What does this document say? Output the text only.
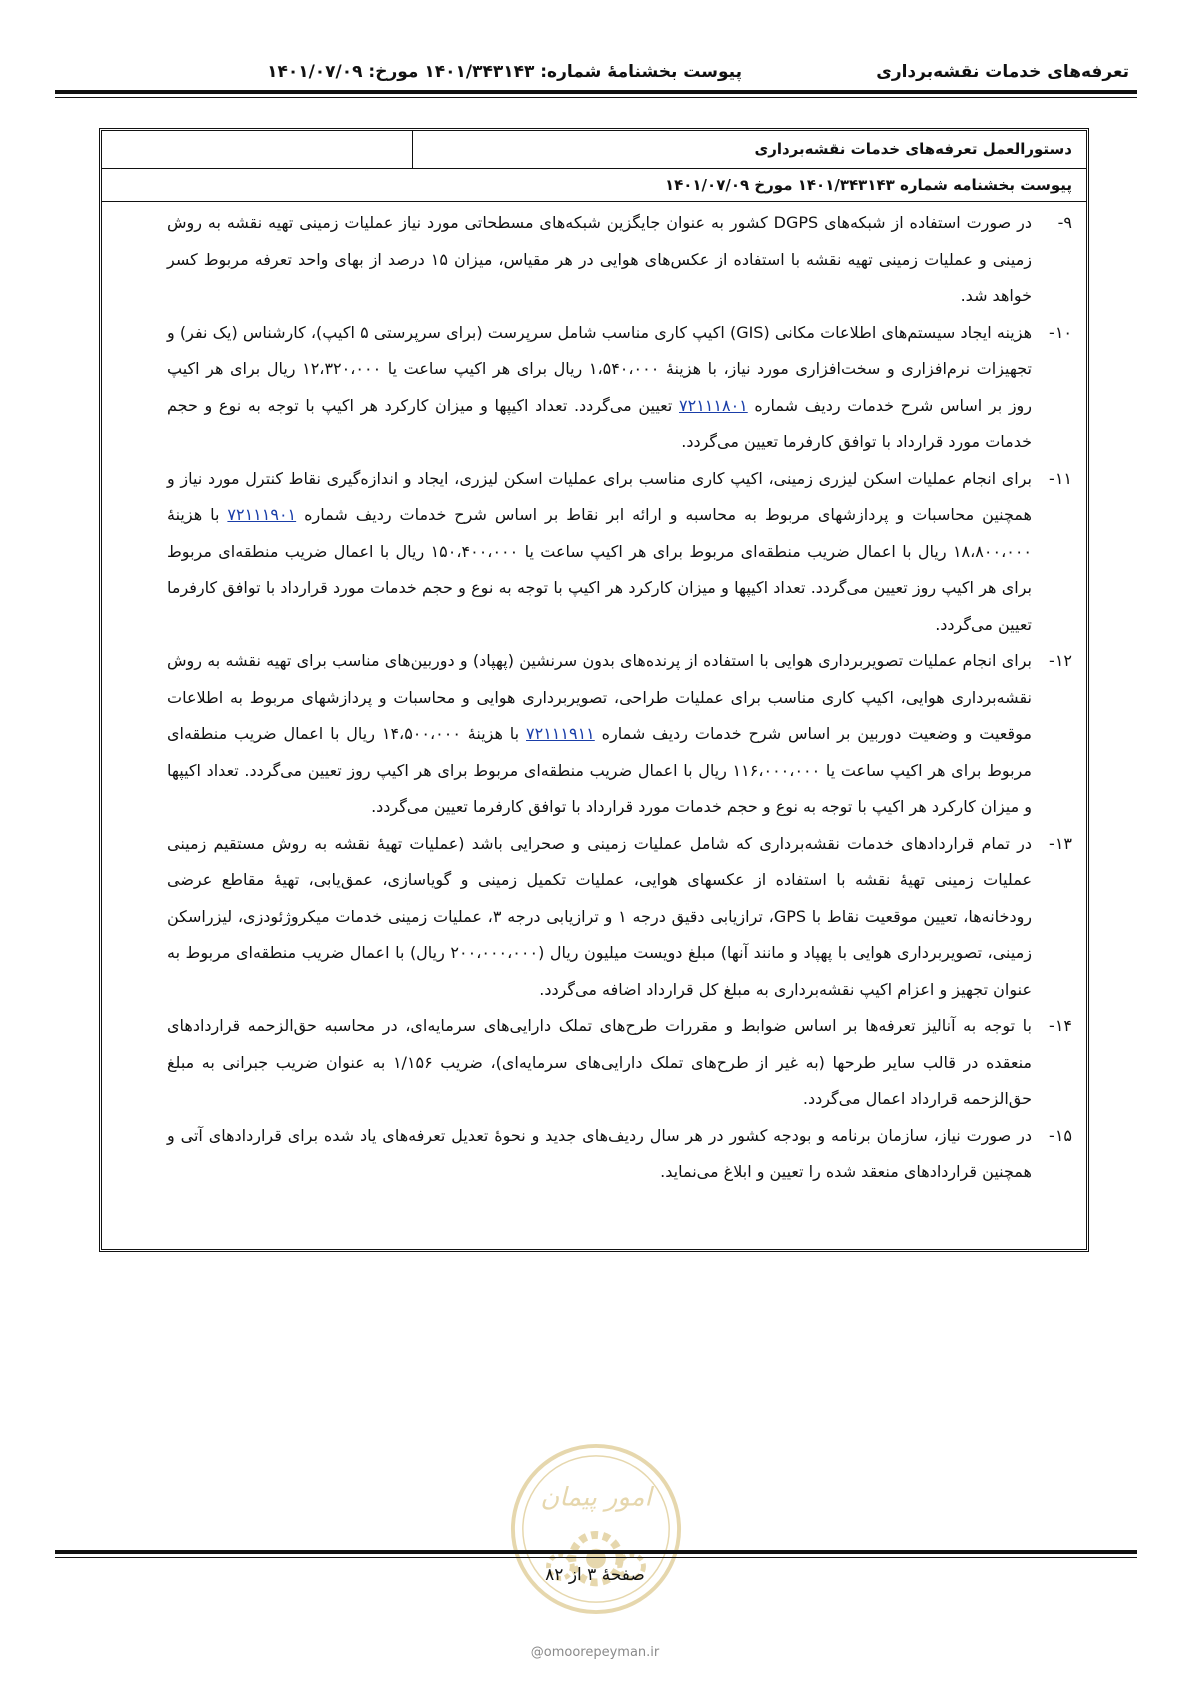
تعرفه‌های خدمات نقشه‌برداری
پیوست بخشنامۀ شماره: ۱۴۰۱/۳۴۳۱۴۳ مورخ: ۱۴۰۱/۰۷/۰۹
دستورالعمل تعرفه‌های خدمات نقشه‌برداری
پیوست بخشنامه شماره ۱۴۰۱/۳۴۳۱۴۳ مورخ ۱۴۰۱/۰۷/۰۹
۹-
در صورت استفاده از شبکه‌های DGPS کشور به عنوان جایگزین شبکه‌های مسطحاتی مورد نیاز عملیات زمینی تهیه نقشه به روش زمینی و عملیات زمینی تهیه نقشه با استفاده از عکس‌های هوایی در هر مقیاس، میزان ۱۵ درصد از بهای واحد تعرفه مربوط کسر خواهد شد.
۱۰-
هزینه ایجاد سیستم‌های اطلاعات مکانی (GIS) اکیپ کاری مناسب شامل سرپرست (برای سرپرستی ۵ اکیپ)، کارشناس (یک نفر) و تجهیزات نرم‌افزاری و سخت‌افزاری مورد نیاز، با هزینۀ ۱،۵۴۰،۰۰۰ ریال برای هر اکیپ ساعت یا ۱۲،۳۲۰،۰۰۰ ریال برای هر اکیپ روز بر اساس شرح خدمات ردیف شماره ۷۲۱۱۱۸۰۱ تعیین می‌گردد. تعداد اکیپها و میزان کارکرد هر اکیپ با توجه به نوع و حجم خدمات مورد قرارداد با توافق کارفرما تعیین می‌گردد.
۱۱-
برای انجام عملیات اسکن لیزری زمینی، اکیپ کاری مناسب برای عملیات اسکن لیزری، ایجاد و اندازه‌گیری نقاط کنترل مورد نیاز و همچنین محاسبات و پردازشهای مربوط به محاسبه و ارائه ابر نقاط بر اساس شرح خدمات ردیف شماره ۷۲۱۱۱۹۰۱ با هزینۀ ۱۸،۸۰۰،۰۰۰ ریال با اعمال ضریب منطقه‌ای مربوط برای هر اکیپ ساعت یا ۱۵۰،۴۰۰،۰۰۰ ریال با اعمال ضریب منطقه‌ای مربوط برای هر اکیپ روز تعیین می‌گردد. تعداد اکیپها و میزان کارکرد هر اکیپ با توجه به نوع و حجم خدمات مورد قرارداد با توافق کارفرما تعیین می‌گردد.
۱۲-
برای انجام عملیات تصویربرداری هوایی با استفاده از پرنده‌های بدون سرنشین (پهپاد) و دوربین‌های مناسب برای تهیه نقشه به روش نقشه‌برداری هوایی، اکیپ کاری مناسب برای عملیات طراحی، تصویربرداری هوایی و محاسبات و پردازشهای مربوط به اطلاعات موقعیت و وضعیت دوربین بر اساس شرح خدمات ردیف شماره ۷۲۱۱۱۹۱۱ با هزینۀ ۱۴،۵۰۰،۰۰۰ ریال با اعمال ضریب منطقه‌ای مربوط برای هر اکیپ ساعت یا ۱۱۶،۰۰۰،۰۰۰ ریال با اعمال ضریب منطقه‌ای مربوط برای هر اکیپ روز تعیین می‌گردد. تعداد اکیپها و میزان کارکرد هر اکیپ با توجه به نوع و حجم خدمات مورد قرارداد با توافق کارفرما تعیین می‌گردد.
۱۳-
در تمام قراردادهای خدمات نقشه‌برداری که شامل عملیات زمینی و صحرایی باشد (عملیات تهیۀ نقشه به روش مستقیم زمینی عملیات زمینی تهیۀ نقشه با استفاده از عکسهای هوایی، عملیات تکمیل زمینی و گویاسازی، عمق‌یابی، تهیۀ مقاطع عرضی رودخانه‌ها، تعیین موقعیت نقاط با GPS، ترازیابی دقیق درجه ۱ و ترازیابی درجه ۳، عملیات زمینی خدمات میکروژئودزی، لیزراسکن زمینی، تصویربرداری هوایی با پهپاد و مانند آنها) مبلغ دویست میلیون ریال (۲۰۰،۰۰۰،۰۰۰ ریال) با اعمال ضریب منطقه‌ای مربوط به عنوان تجهیز و اعزام اکیپ نقشه‌برداری به مبلغ کل قرارداد اضافه می‌گردد.
۱۴-
با توجه به آنالیز تعرفه‌ها بر اساس ضوابط و مقررات طرح‌های تملک دارایی‌های سرمایه‌ای، در محاسبه حق‌الزحمه قراردادهای منعقده در قالب سایر طرحها (به غیر از طرح‌های تملک دارایی‌های سرمایه‌ای)، ضریب ۱/۱۵۶ به عنوان ضریب جبرانی به مبلغ حق‌الزحمه قرارداد اعمال می‌گردد.
۱۵-
در صورت نیاز، سازمان برنامه و بودجه کشور در هر سال ردیف‌های جدید و نحوۀ تعدیل تعرفه‌های یاد شده برای قراردادهای آتی و همچنین قراردادهای منعقد شده را تعیین و ابلاغ می‌نماید.
امور پیمان
صفحۀ ۳ از ۸۲
@omoorepeyman.ir
